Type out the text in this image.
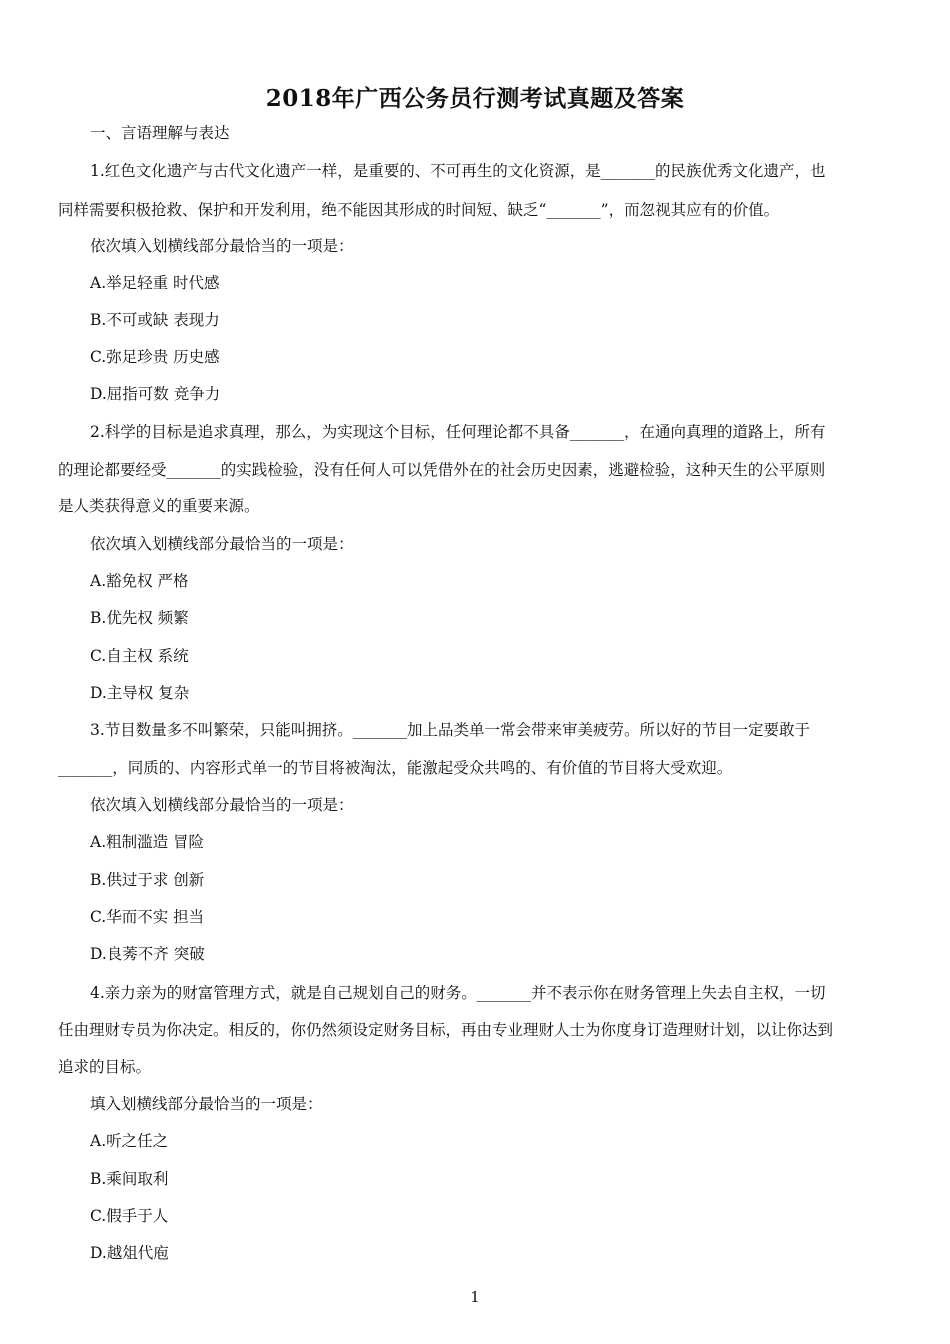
2018年广西公务员行测考试真题及答案
一、言语理解与表达
1.红色文化遗产与古代文化遗产一样，是重要的、不可再生的文化资源，是_______的民族优秀文化遗产，也
同样需要积极抢救、保护和开发利用，绝不能因其形成的时间短、缺乏“_______”，而忽视其应有的价值。
依次填入划横线部分最恰当的一项是：
A.举足轻重 时代感
B.不可或缺 表现力
C.弥足珍贵 历史感
D.屈指可数 竞争力
2.科学的目标是追求真理，那么，为实现这个目标，任何理论都不具备_______，在通向真理的道路上，所有
的理论都要经受_______的实践检验，没有任何人可以凭借外在的社会历史因素，逃避检验，这种天生的公平原则
是人类获得意义的重要来源。
依次填入划横线部分最恰当的一项是：
A.豁免权 严格
B.优先权 频繁
C.自主权 系统
D.主导权 复杂
3.节目数量多不叫繁荣，只能叫拥挤。_______加上品类单一常会带来审美疲劳。所以好的节目一定要敢于
_______，同质的、内容形式单一的节目将被淘汰，能激起受众共鸣的、有价值的节目将大受欢迎。
依次填入划横线部分最恰当的一项是：
A.粗制滥造 冒险
B.供过于求 创新
C.华而不实 担当
D.良莠不齐 突破
4.亲力亲为的财富管理方式，就是自己规划自己的财务。_______并不表示你在财务管理上失去自主权，一切
任由理财专员为你决定。相反的，你仍然须设定财务目标，再由专业理财人士为你度身订造理财计划，以让你达到
追求的目标。
填入划横线部分最恰当的一项是：
A.听之任之
B.乘间取利
C.假手于人
D.越俎代庖
1
